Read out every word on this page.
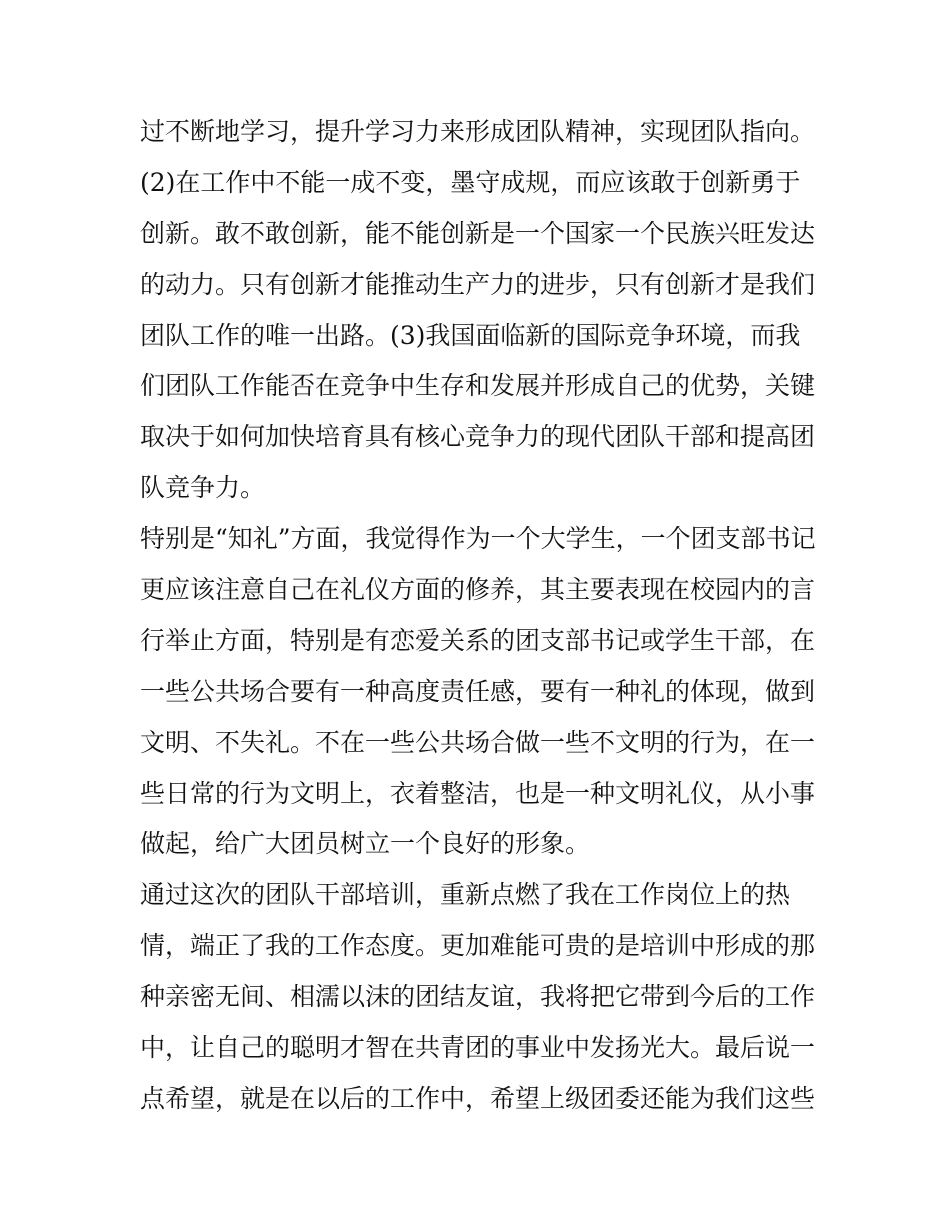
过不断地学习，提升学习力来形成团队精神，实现团队指向。
(2)在工作中不能一成不变，墨守成规，而应该敢于创新勇于
创新。敢不敢创新，能不能创新是一个国家一个民族兴旺发达
的动力。只有创新才能推动生产力的进步，只有创新才是我们
团队工作的唯一出路。(3)我国面临新的国际竞争环境，而我
们团队工作能否在竞争中生存和发展并形成自己的优势，关键
取决于如何加快培育具有核心竞争力的现代团队干部和提高团
队竞争力。
特别是“知礼”方面，我觉得作为一个大学生，一个团支部书记
更应该注意自己在礼仪方面的修养，其主要表现在校园内的言
行举止方面，特别是有恋爱关系的团支部书记或学生干部，在
一些公共场合要有一种高度责任感，要有一种礼的体现，做到
文明、不失礼。不在一些公共场合做一些不文明的行为，在一
些日常的行为文明上，衣着整洁，也是一种文明礼仪，从小事
做起，给广大团员树立一个良好的形象。
通过这次的团队干部培训，重新点燃了我在工作岗位上的热
情，端正了我的工作态度。更加难能可贵的是培训中形成的那
种亲密无间、相濡以沫的团结友谊，我将把它带到今后的工作
中，让自己的聪明才智在共青团的事业中发扬光大。最后说一
点希望，就是在以后的工作中，希望上级团委还能为我们这些
